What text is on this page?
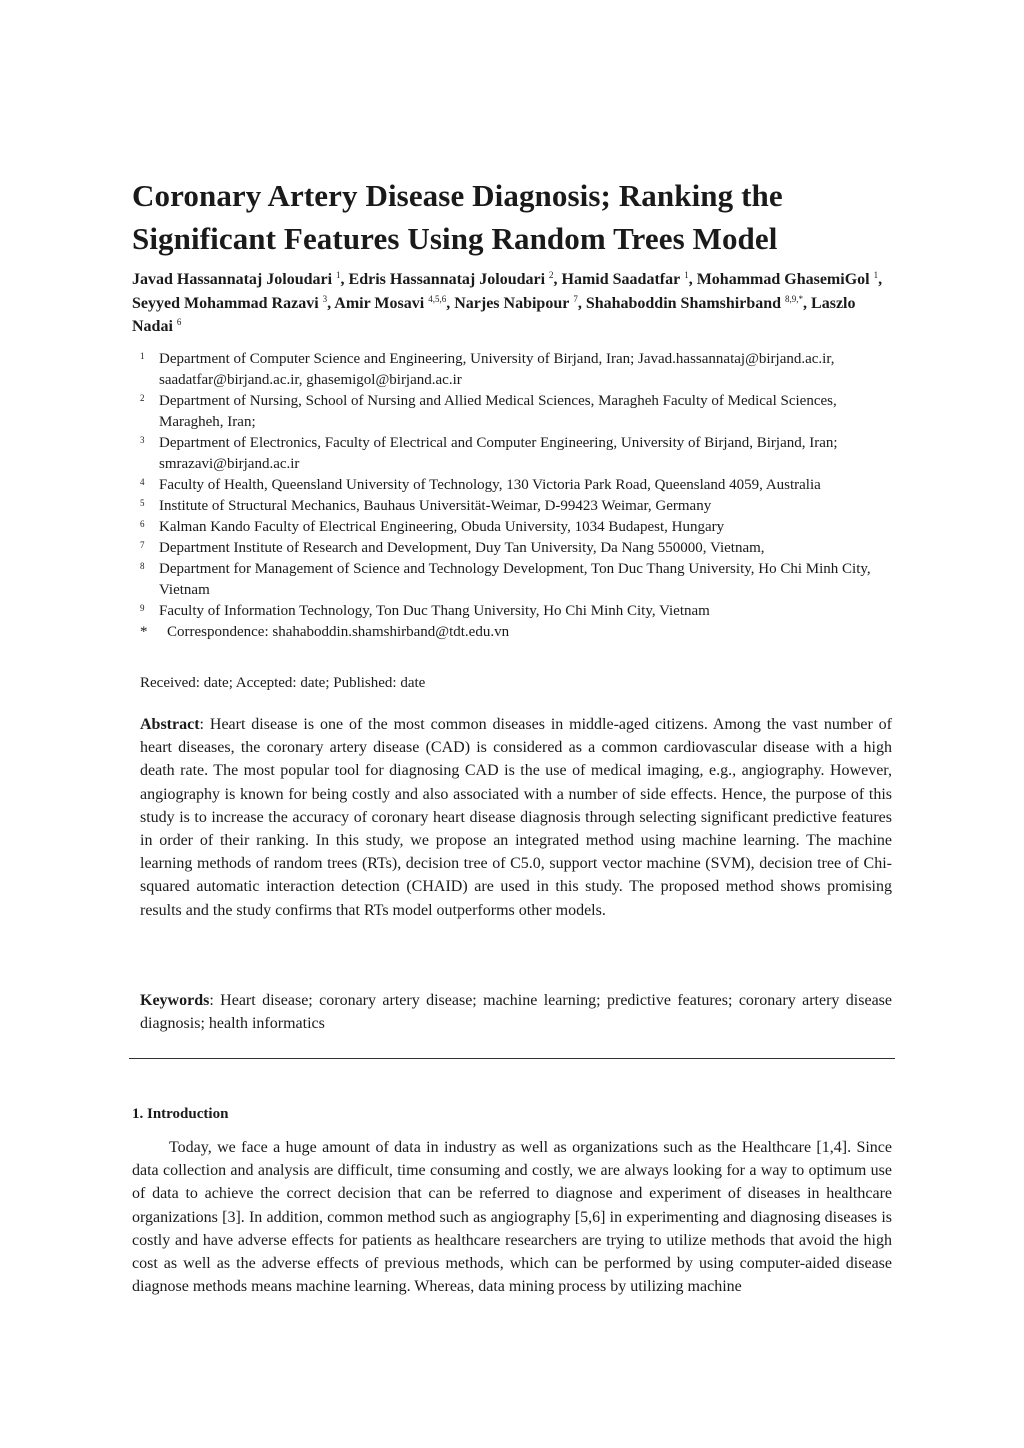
Coronary Artery Disease Diagnosis; Ranking the Significant Features Using Random Trees Model

Javad Hassannataj Joloudari $^1$, Edris Hassannataj Joloudari $^2$, Hamid Saadatfar $^1$, Mohammad GhasemiGol $^1$, Seyyed Mohammad Razavi $^3$, Amir Mosavi $^{4,5,6}$, Narjes Nabipour $^7$, Shahaboddin Shamshirband $^{8,9,*}$, Laszlo Nadai $^6$

1 Department of Computer Science and Engineering, University of Birjand, Iran; Javad.hassannataj@birjand.ac.ir, saadatfar@birjand.ac.ir, ghasemigol@birjand.ac.ir
2 Department of Nursing, School of Nursing and Allied Medical Sciences, Maragheh Faculty of Medical Sciences, Maragheh, Iran;
3 Department of Electronics, Faculty of Electrical and Computer Engineering, University of Birjand, Birjand, Iran; smrazavi@birjand.ac.ir
4 Faculty of Health, Queensland University of Technology, 130 Victoria Park Road, Queensland 4059, Australia
5 Institute of Structural Mechanics, Bauhaus Universität-Weimar, D-99423 Weimar, Germany
6 Kalman Kando Faculty of Electrical Engineering, Obuda University, 1034 Budapest, Hungary
7 Department Institute of Research and Development, Duy Tan University, Da Nang 550000, Vietnam,
8 Department for Management of Science and Technology Development, Ton Duc Thang University, Ho Chi Minh City, Vietnam
9 Faculty of Information Technology, Ton Duc Thang University, Ho Chi Minh City, Vietnam
*	Correspondence: shahaboddin.shamshirband@tdt.edu.vn

Received: date; Accepted: date; Published: date

Abstract: Heart disease is one of the most common diseases in middle-aged citizens. Among the vast number of heart diseases, the coronary artery disease (CAD) is considered as a common cardiovascular disease with a high death rate. The most popular tool for diagnosing CAD is the use of medical imaging, e.g., angiography. However, angiography is known for being costly and also associated with a number of side effects. Hence, the purpose of this study is to increase the accuracy of coronary heart disease diagnosis through selecting significant predictive features in order of their ranking. In this study, we propose an integrated method using machine learning. The machine learning methods of random trees (RTs), decision tree of C5.0, support vector machine (SVM), decision tree of Chi-squared automatic interaction detection (CHAID) are used in this study. The proposed method shows promising results and the study confirms that RTs model outperforms other models.

Keywords: Heart disease; coronary artery disease; machine learning; predictive features; coronary artery disease diagnosis; health informatics

1. Introduction

Today, we face a huge amount of data in industry as well as organizations such as the Healthcare [1,4]. Since data collection and analysis are difficult, time consuming and costly, we are always looking for a way to optimum use of data to achieve the correct decision that can be referred to diagnose and experiment of diseases in healthcare organizations [3]. In addition, common method such as angiography [5,6] in experimenting and diagnosing diseases is costly and have adverse effects for patients as healthcare researchers are trying to utilize methods that avoid the high cost as well as the adverse effects of previous methods, which can be performed by using computer-aided disease diagnose methods means machine learning. Whereas, data mining process by utilizing machine
